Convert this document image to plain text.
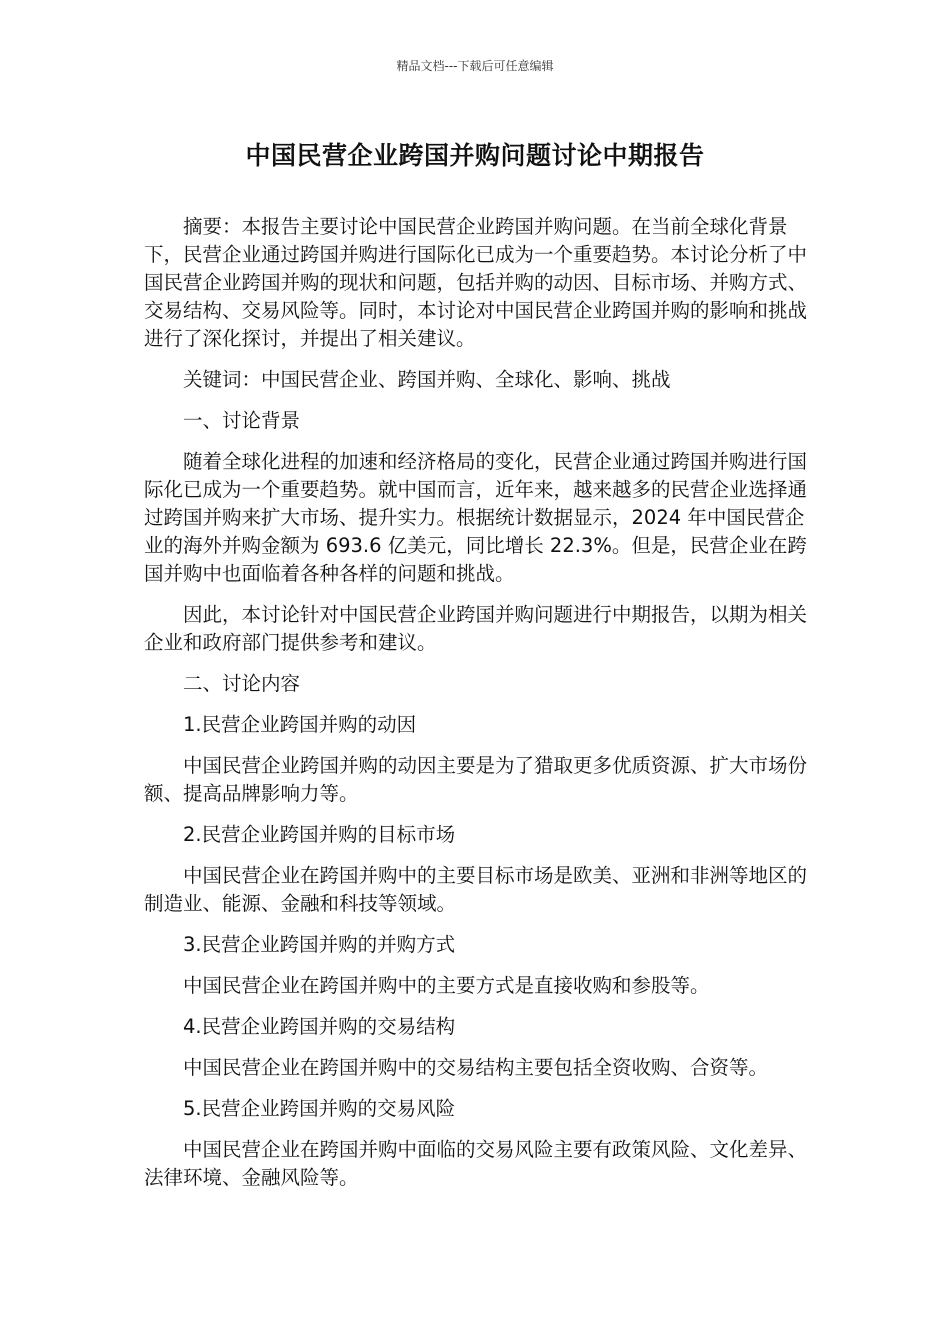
精品文档---下载后可任意编辑
中国民营企业跨国并购问题讨论中期报告

摘要：本报告主要讨论中国民营企业跨国并购问题。在当前全球化背景下，民营企业通过跨国并购进行国际化已成为一个重要趋势。本讨论分析了中国民营企业跨国并购的现状和问题，包括并购的动因、目标市场、并购方式、交易结构、交易风险等。同时，本讨论对中国民营企业跨国并购的影响和挑战进行了深化探讨，并提出了相关建议。

关键词：中国民营企业、跨国并购、全球化、影响、挑战

一、讨论背景

随着全球化进程的加速和经济格局的变化，民营企业通过跨国并购进行国际化已成为一个重要趋势。就中国而言，近年来，越来越多的民营企业选择通过跨国并购来扩大市场、提升实力。根据统计数据显示，2024 年中国民营企业的海外并购金额为 693.6 亿美元，同比增长 22.3%。但是，民营企业在跨国并购中也面临着各种各样的问题和挑战。

因此，本讨论针对中国民营企业跨国并购问题进行中期报告，以期为相关企业和政府部门提供参考和建议。

二、讨论内容

1.民营企业跨国并购的动因

中国民营企业跨国并购的动因主要是为了猎取更多优质资源、扩大市场份额、提高品牌影响力等。

2.民营企业跨国并购的目标市场

中国民营企业在跨国并购中的主要目标市场是欧美、亚洲和非洲等地区的制造业、能源、金融和科技等领域。

3.民营企业跨国并购的并购方式

中国民营企业在跨国并购中的主要方式是直接收购和参股等。

4.民营企业跨国并购的交易结构

中国民营企业在跨国并购中的交易结构主要包括全资收购、合资等。

5.民营企业跨国并购的交易风险

中国民营企业在跨国并购中面临的交易风险主要有政策风险、文化差异、法律环境、金融风险等。
